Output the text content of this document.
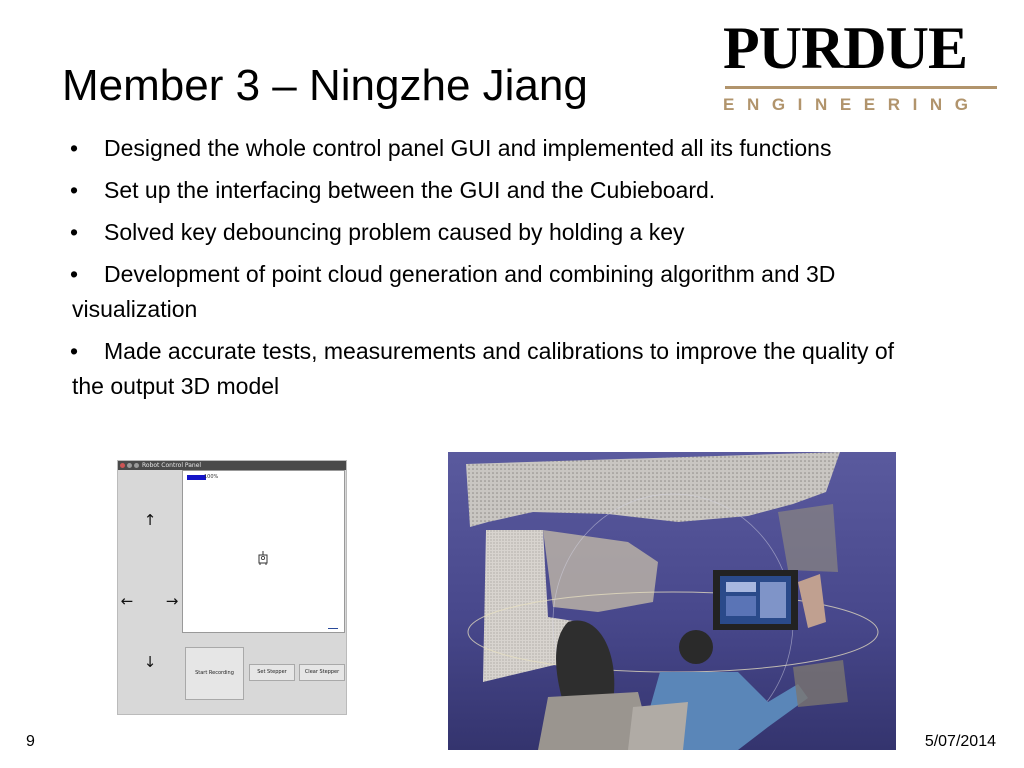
Member 3 – Ningzhe Jiang
PURDUE
ENGINEERING
• Designed the whole control panel GUI and implemented all its functions
• Set up the interfacing between the GUI and the Cubieboard.
• Solved key debouncing problem caused by holding a key
• Development of point cloud generation and combining algorithm and 3D visualization
• Made accurate tests, measurements and calibrations to improve the quality of the output 3D model
Robot Control Panel
100%
↑
← →
↓
Start Recording	Set Stepper	Clear Stepper
9	5/07/2014
